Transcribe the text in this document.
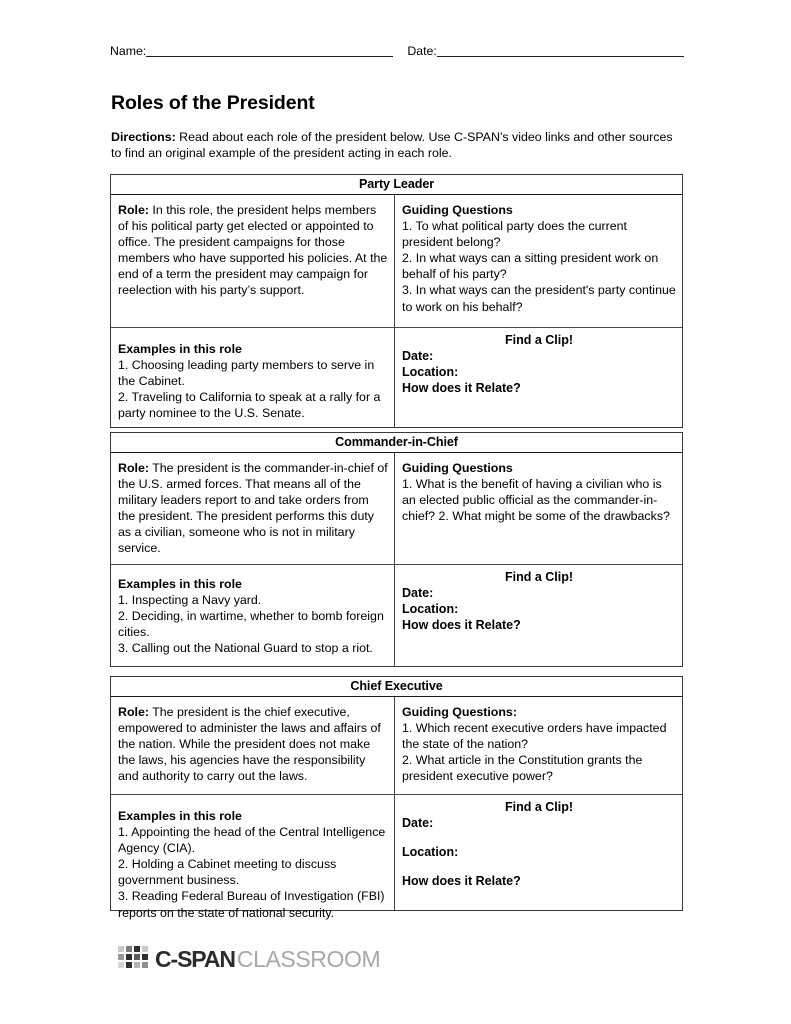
Name:	Date:
Roles of the President
Directions: Read about each role of the president below. Use C-SPAN’s video links and other sources to find an original example of the president acting in each role.
Party Leader
Role: In this role, the president helps members of his political party get elected or appointed to office. The president campaigns for those members who have supported his policies. At the end of a term the president may campaign for reelection with his party’s support.
Guiding Questions
1. To what political party does the current president belong?
2. In what ways can a sitting president work on behalf of his party?
3. In what ways can the president's party continue to work on his behalf?
Examples in this role
1. Choosing leading party members to serve in the Cabinet.
2. Traveling to California to speak at a rally for a party nominee to the U.S. Senate.
Find a Clip!
Date:
Location:
How does it Relate?
Commander-in-Chief
Role: The president is the commander-in-chief of the U.S. armed forces. That means all of the military leaders report to and take orders from the president. The president performs this duty as a civilian, someone who is not in military service.
Guiding Questions
1. What is the benefit of having a civilian who is an elected public official as the commander-in-chief? 2. What might be some of the drawbacks?
Examples in this role
1. Inspecting a Navy yard.
2. Deciding, in wartime, whether to bomb foreign cities.
3. Calling out the National Guard to stop a riot.
Find a Clip!
Date:
Location:
How does it Relate?
Chief Executive
Role: The president is the chief executive, empowered to administer the laws and affairs of the nation. While the president does not make the laws, his agencies have the responsibility and authority to carry out the laws.
Guiding Questions:
1. Which recent executive orders have impacted the state of the nation?
2. What article in the Constitution grants the president executive power?
Examples in this role
1. Appointing the head of the Central Intelligence Agency (CIA).
2. Holding a Cabinet meeting to discuss government business.
3. Reading Federal Bureau of Investigation (FBI) reports on the state of national security.
Find a Clip!
Date:
Location:
How does it Relate?
C-SPAN CLASSROOM
